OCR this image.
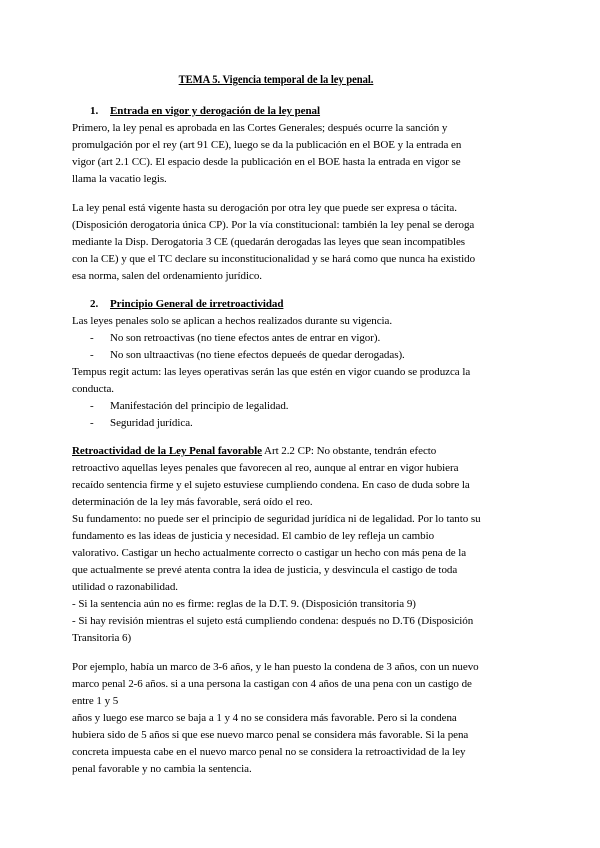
TEMA 5. Vigencia temporal de la ley penal.
1. Entrada en vigor y derogación de la ley penal
Primero, la ley penal es aprobada en las Cortes Generales; después ocurre la sanción y
promulgación por el rey (art 91 CE), luego se da la publicación en el BOE y la entrada en
vigor (art 2.1 CC). El espacio desde la publicación en el BOE hasta la entrada en vigor se
llama la vacatio legis.
La ley penal está vigente hasta su derogación por otra ley que puede ser expresa o tácita.
(Disposición derogatoria única CP). Por la vía constitucional: también la ley penal se deroga
mediante la Disp. Derogatoria 3 CE (quedarán derogadas las leyes que sean incompatibles
con la CE) y que el TC declare su inconstitucionalidad y se hará como que nunca ha existido
esa norma, salen del ordenamiento jurídico.
2. Principio General de irretroactividad
Las leyes penales solo se aplican a hechos realizados durante su vigencia.
- No son retroactivas (no tiene efectos antes de entrar en vigor).
- No son ultraactivas (no tiene efectos depueés de quedar derogadas).
Tempus regit actum: las leyes operativas serán las que estén en vigor cuando se produzca la
conducta.
- Manifestación del principio de legalidad.
- Seguridad jurídica.
Retroactividad de la Ley Penal favorable Art 2.2 CP: No obstante, tendrán efecto
retroactivo aquellas leyes penales que favorecen al reo, aunque al entrar en vigor hubiera
recaído sentencia firme y el sujeto estuviese cumpliendo condena. En caso de duda sobre la
determinación de la ley más favorable, será oído el reo.
Su fundamento: no puede ser el principio de seguridad jurídica ni de legalidad. Por lo tanto su
fundamento es las ideas de justicia y necesidad. El cambio de ley refleja un cambio
valorativo. Castigar un hecho actualmente correcto o castigar un hecho con más pena de la
que actualmente se prevé atenta contra la idea de justicia, y desvincula el castigo de toda
utilidad o razonabilidad.
- Si la sentencia aún no es firme: reglas de la D.T. 9. (Disposición transitoria 9)
- Si hay revisión mientras el sujeto está cumpliendo condena: después no D.T6 (Disposición
Transitoria 6)
Por ejemplo, había un marco de 3-6 años, y le han puesto la condena de 3 años, con un nuevo
marco penal 2-6 años. si a una persona la castigan con 4 años de una pena con un castigo de
entre 1 y 5
años y luego ese marco se baja a 1 y 4 no se considera más favorable. Pero si la condena
hubiera sido de 5 años si que ese nuevo marco penal se considera más favorable. Si la pena
concreta impuesta cabe en el nuevo marco penal no se considera la retroactividad de la ley
penal favorable y no cambia la sentencia.
